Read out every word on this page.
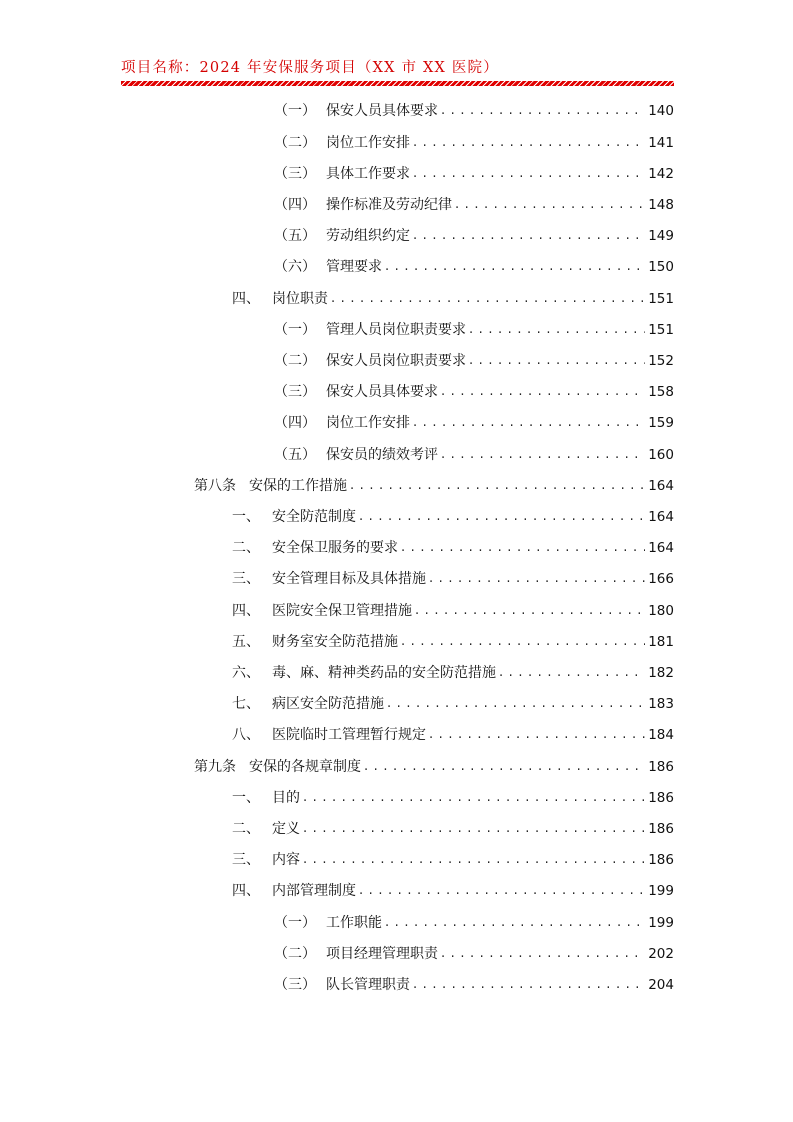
项目名称：2024 年安保服务项目（XX 市 XX 医院）
（一） 保安人员具体要求 . . .	140
（二） 岗位工作安排 . . .	141
（三） 具体工作要求 . . .	142
（四） 操作标准及劳动纪律 . . .	148
（五） 劳动组织约定 . . .	149
（六） 管理要求 . . .	150
四、 岗位职责 . . .	151
（一） 管理人员岗位职责要求 . . .	151
（二） 保安人员岗位职责要求 . . .	152
（三） 保安人员具体要求 . . .	158
（四） 岗位工作安排 . . .	159
（五） 保安员的绩效考评 . . .	160
第八条 安保的工作措施 . . .	164
一、 安全防范制度 . . .	164
二、 安全保卫服务的要求 . . .	164
三、 安全管理目标及具体措施 . . .	166
四、 医院安全保卫管理措施 . . .	180
五、 财务室安全防范措施 . . .	181
六、 毒、麻、精神类药品的安全防范措施 . . .	182
七、 病区安全防范措施 . . .	183
八、 医院临时工管理暂行规定 . . .	184
第九条 安保的各规章制度 . . .	186
一、 目的 . . .	186
二、 定义 . . .	186
三、 内容 . . .	186
四、 内部管理制度 . . .	199
（一） 工作职能 . . .	199
（二） 项目经理管理职责 . . .	202
（三） 队长管理职责 . . .	204
